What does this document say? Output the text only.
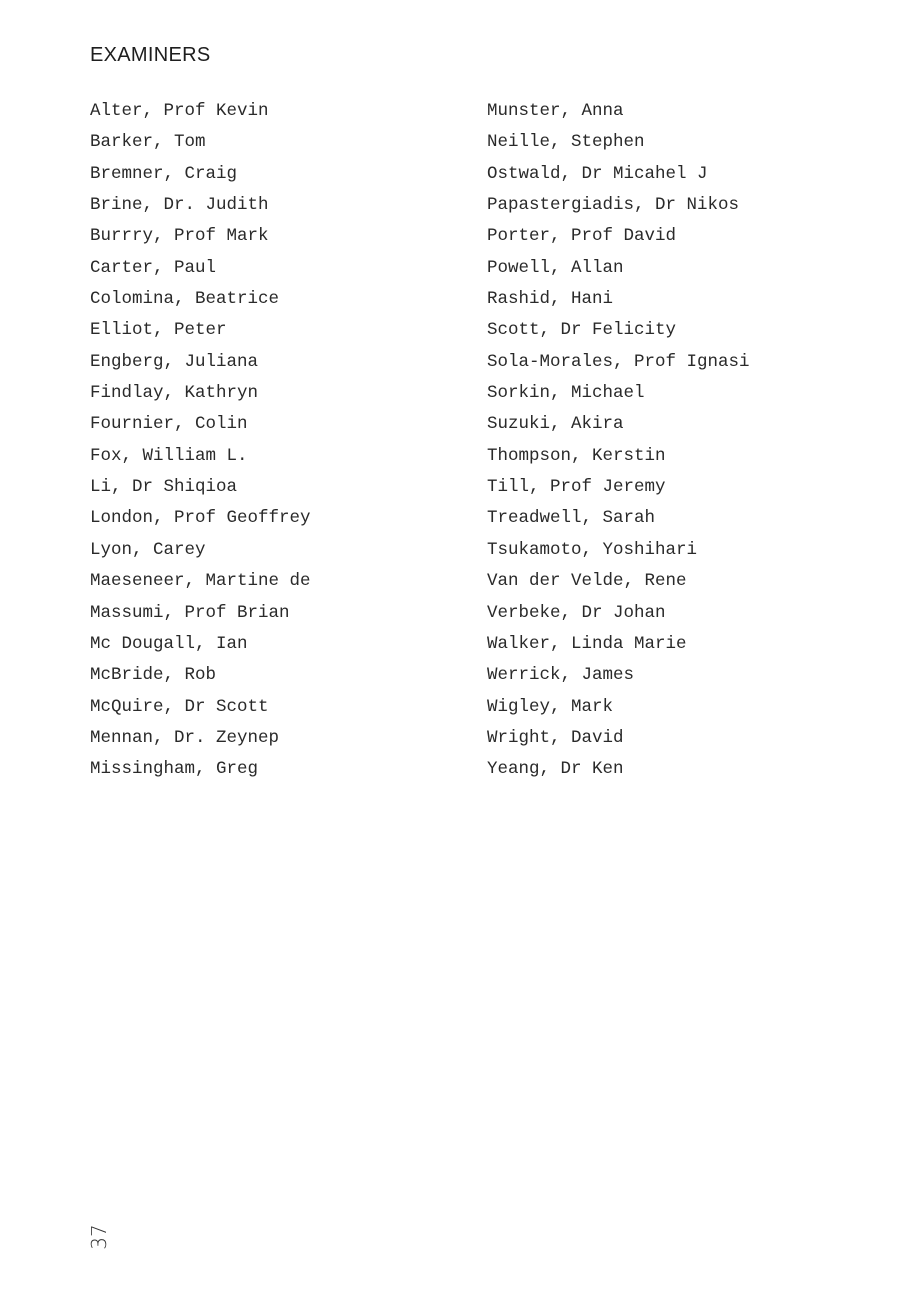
EXAMINERS
Alter, Prof Kevin
Barker, Tom
Bremner, Craig
Brine, Dr. Judith
Burrry, Prof Mark
Carter, Paul
Colomina, Beatrice
Elliot, Peter
Engberg, Juliana
Findlay, Kathryn
Fournier, Colin
Fox, William L.
Li, Dr Shiqioa
London, Prof Geoffrey
Lyon, Carey
Maeseneer, Martine de
Massumi, Prof Brian
Mc Dougall, Ian
McBride, Rob
McQuire, Dr Scott
Mennan, Dr. Zeynep
Missingham, Greg
Munster, Anna
Neille, Stephen
Ostwald, Dr Micahel J
Papastergiadis, Dr Nikos
Porter, Prof David
Powell, Allan
Rashid, Hani
Scott, Dr Felicity
Sola-Morales, Prof Ignasi
Sorkin, Michael
Suzuki, Akira
Thompson, Kerstin
Till, Prof Jeremy
Treadwell, Sarah
Tsukamoto, Yoshihari
Van der Velde, Rene
Verbeke, Dr Johan
Walker, Linda Marie
Werrick, James
Wigley, Mark
Wright, David
Yeang, Dr Ken
37
